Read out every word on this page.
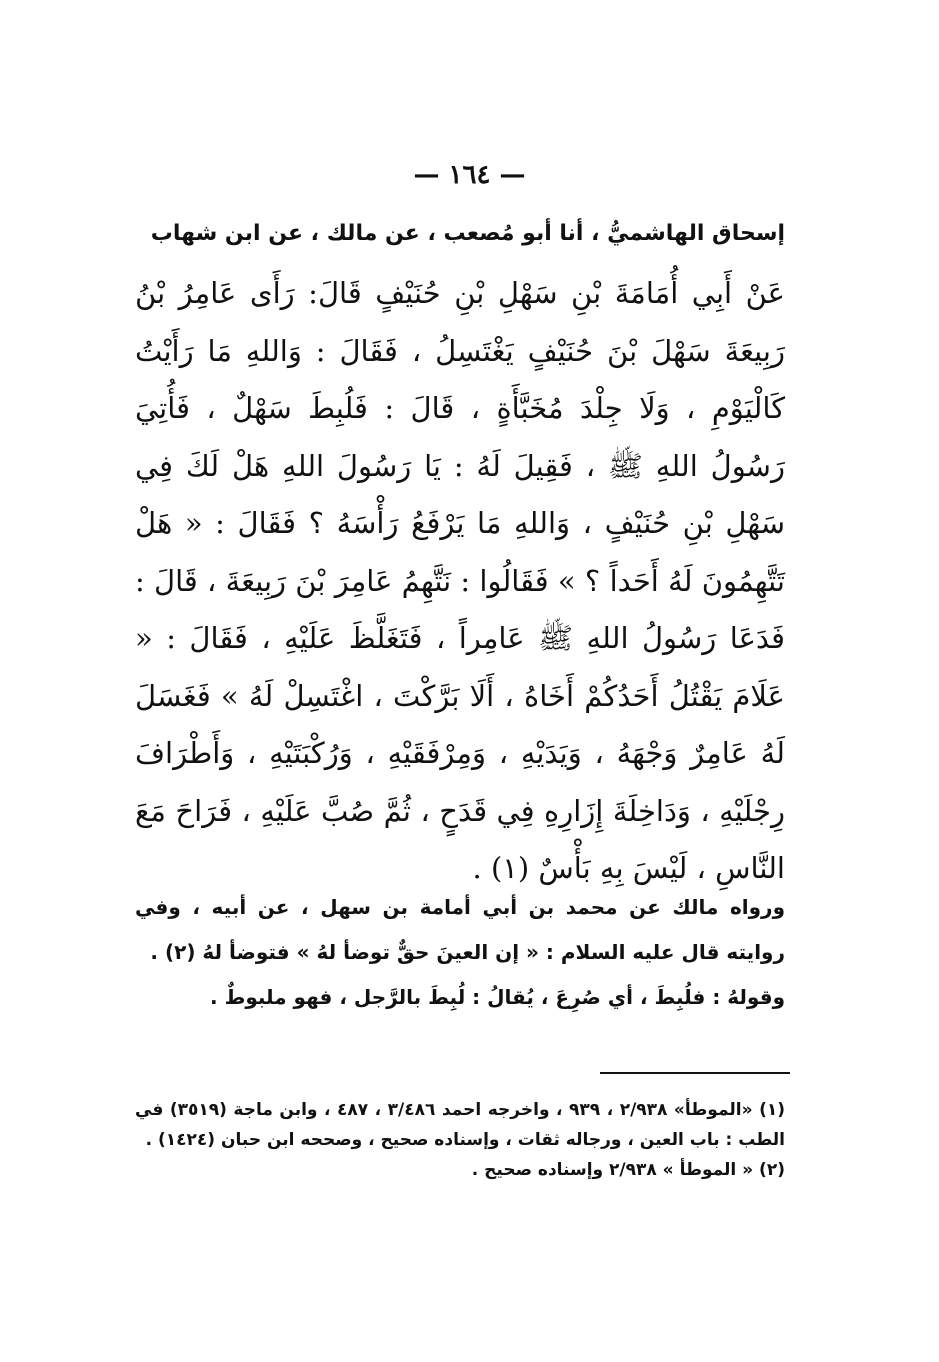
— ١٦٤ —
إسحاق الهاشميُّ ، أنا أبو مُصعب ، عن مالك ، عن ابن شهاب

عَنْ أَبِي أُمَامَةَ بْنِ سَهْلِ بْنِ حُنَيْفٍ قَالَ: رَأَى عَامِرُ بْنُ رَبِيعَةَ سَهْلَ بْنَ حُنَيْفٍ يَغْتَسِلُ ، فَقَالَ : وَاللهِ مَا رَأَيْتُ كَالْيَوْمِ ، وَلَا جِلْدَ مُخَبَّأَةٍ ، قَالَ : فَلُبِطَ سَهْلٌ ، فَأُتِيَ رَسُولُ اللهِ ﷺ ، فَقِيلَ لَهُ : يَا رَسُولَ اللهِ هَلْ لَكَ فِي سَهْلِ بْنِ حُنَيْفٍ ، وَاللهِ مَا يَرْفَعُ رَأْسَهُ ؟ فَقَالَ : « هَلْ تَتَّهِمُونَ لَهُ أَحَداً ؟ » فَقَالُوا : نَتَّهِمُ عَامِرَ بْنَ رَبِيعَةَ ، قَالَ : فَدَعَا رَسُولُ اللهِ ﷺ عَامِراً ، فَتَغَلَّظَ عَلَيْهِ ، فَقَالَ : « عَلَامَ يَقْتُلُ أَحَدُكُمْ أَخَاهُ ، أَلَا بَرَّكْتَ ، اغْتَسِلْ لَهُ » فَغَسَلَ لَهُ عَامِرٌ وَجْهَهُ ، وَيَدَيْهِ ، وَمِرْفَقَيْهِ ، وَرُكْبَتَيْهِ ، وَأَطْرَافَ رِجْلَيْهِ ، وَدَاخِلَةَ إِزَارِهِ فِي قَدَحٍ ، ثُمَّ صُبَّ عَلَيْهِ ، فَرَاحَ مَعَ النَّاسِ ، لَيْسَ بِهِ بَأْسٌ (١) .

ورواه مالك عن محمد بن أبي أمامة بن سهل ، عن أبيه ، وفي روايته قال عليه السلام : « إن العينَ حقٌّ توضأ لهُ » فتوضأ لهُ (٢) .

وقولهُ : فلُبِطَ ، أي صُرِعَ ، يُقالُ : لُبِطَ بالرَّجل ، فهو ملبوطٌ .

(١) «الموطأ» ٢/٩٣٨ ، ٩٣٩ ، واخرجه احمد ٣/٤٨٦ ، ٤٨٧ ، وابن ماجة (٣٥١٩) في الطب : باب العين ، ورجاله ثقات ، وإسناده صحيح ، وصححه ابن حبان (١٤٢٤) .

(٢) « الموطأ » ٢/٩٣٨ وإسناده صحيح .
